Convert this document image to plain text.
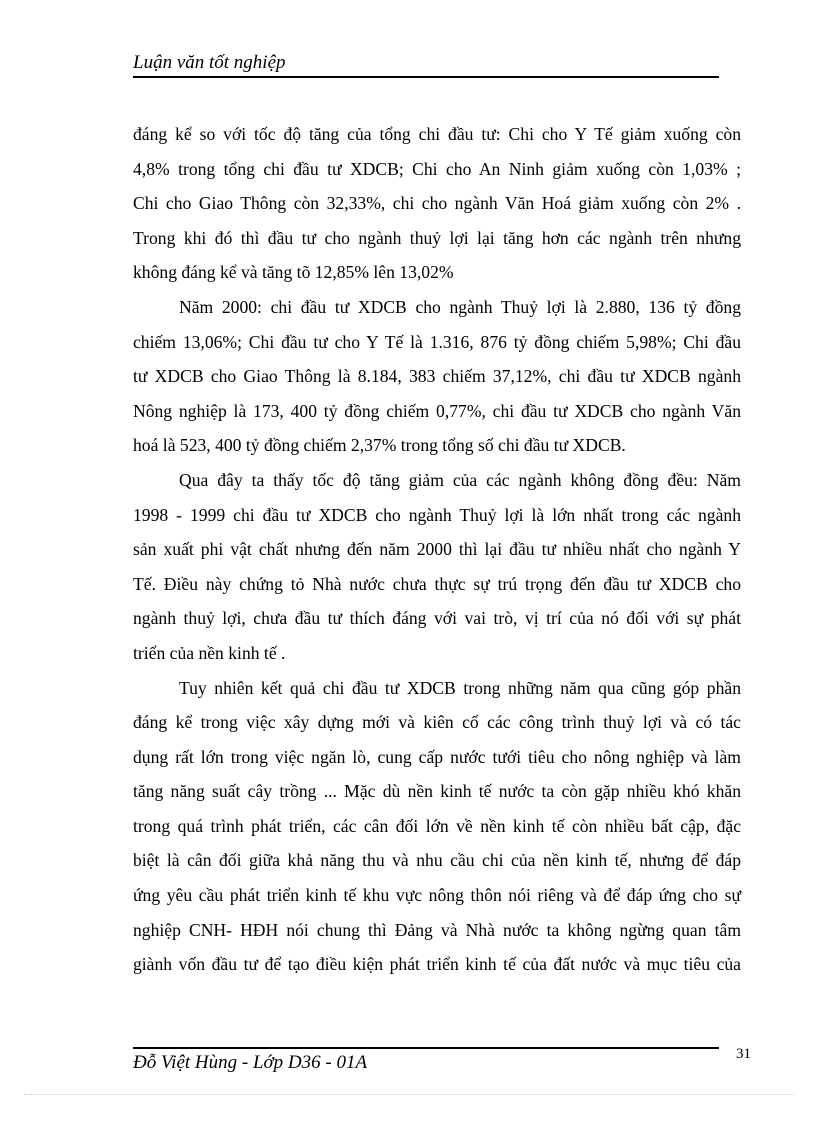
Luận văn tốt nghiệp

đáng kể so với tốc độ tăng của tổng chi đầu tư: Chi cho Y Tế giảm xuống còn
4,8% trong tổng chi đầu tư XDCB; Chi cho An Ninh giảm xuống còn 1,03% ;
Chi cho Giao Thông còn 32,33%, chi cho ngành Văn Hoá giảm xuống còn 2% .
Trong khi đó thì đầu tư cho ngành thuỷ lợi lại tăng hơn các ngành trên nhưng
không đáng kể và tăng tõ 12,85% lên 13,02%

Năm 2000: chi đầu tư XDCB cho ngành Thuỷ lợi là 2.880, 136 tỷ đồng
chiếm 13,06%; Chi đầu tư cho Y Tế là 1.316, 876 tỷ đồng chiếm 5,98%; Chi đầu
tư XDCB cho Giao Thông là 8.184, 383 chiếm 37,12%, chi đầu tư XDCB ngành
Nông nghiệp là 173, 400 tỷ đồng chiếm 0,77%, chi đầu tư XDCB cho ngành Văn
hoá là 523, 400 tỷ đồng chiếm 2,37% trong tổng số chi đầu tư XDCB.

Qua đây ta thấy tốc độ tăng giảm của các ngành không đồng đều: Năm
1998 - 1999 chi đầu tư XDCB cho ngành Thuỷ lợi là lớn nhất trong các ngành
sản xuất phi vật chất nhưng đến năm 2000 thì lại đầu tư nhiều nhất cho ngành Y
Tế. Điều này chứng tỏ Nhà nước chưa thực sự trú trọng đến đầu tư XDCB cho
ngành thuỷ lợi, chưa đầu tư thích đáng với vai trò, vị trí của nó đối với sự phát
triển của nền kinh tế .

Tuy nhiên kết quả chi đầu tư XDCB trong những năm qua cũng góp phần
đáng kể trong việc xây dựng mới và kiên cố các công trình thuỷ lợi và có tác
dụng rất lớn trong việc ngăn lò, cung cấp nước tưới tiêu cho nông nghiệp và làm
tăng năng suất cây trồng ... Mặc dù nền kinh tế nước ta còn gặp nhiều khó khăn
trong quá trình phát triển, các cân đối lớn về nền kinh tế còn nhiều bất cập, đặc
biệt là cân đối giữa khả năng thu và nhu cầu chi của nền kinh tế, nhưng để đáp
ứng yêu cầu phát triển kinh tế khu vực nông thôn nói riêng và để đáp ứng cho sự
nghiệp CNH- HĐH nói chung thì Đảng và Nhà nước ta không ngừng quan tâm
giành vốn đầu tư để tạo điều kiện phát triển kinh tế của đất nước và mục tiêu của

Đỗ Việt Hùng - Lớp D36 - 01A	31
